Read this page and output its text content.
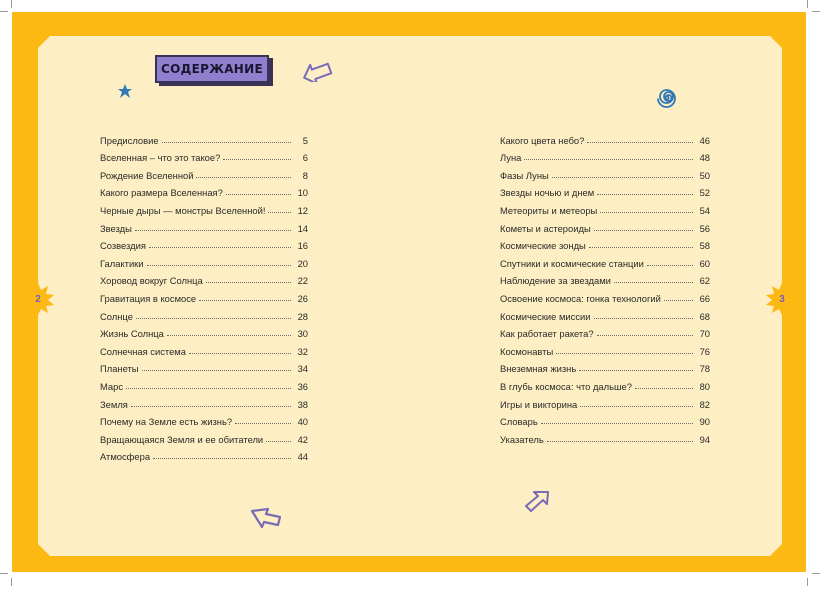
2	3
СОДЕРЖАНИЕ
Предисловие	5
Вселенная – что это такое?	6
Рождение Вселенной	8
Какого размера Вселенная?	10
Черные дыры — монстры Вселенной!	12
Звезды	14
Созвездия	16
Галактики	20
Хоровод вокруг Солнца	22
Гравитация в космосе	26
Солнце	28
Жизнь Солнца	30
Солнечная система	32
Планеты	34
Марс	36
Земля	38
Почему на Земле есть жизнь?	40
Вращающаяся Земля и ее обитатели	42
Атмосфера	44
Какого цвета небо?	46
Луна	48
Фазы Луны	50
Звезды ночью и днем	52
Метеориты и метеоры	54
Кометы и астероиды	56
Космические зонды	58
Спутники и космические станции	60
Наблюдение за звездами	62
Освоение космоса: гонка технологий	66
Космические миссии	68
Как работает ракета?	70
Космонавты	76
Внеземная жизнь	78
В глубь космоса: что дальше?	80
Игры и викторина	82
Словарь	90
Указатель	94
